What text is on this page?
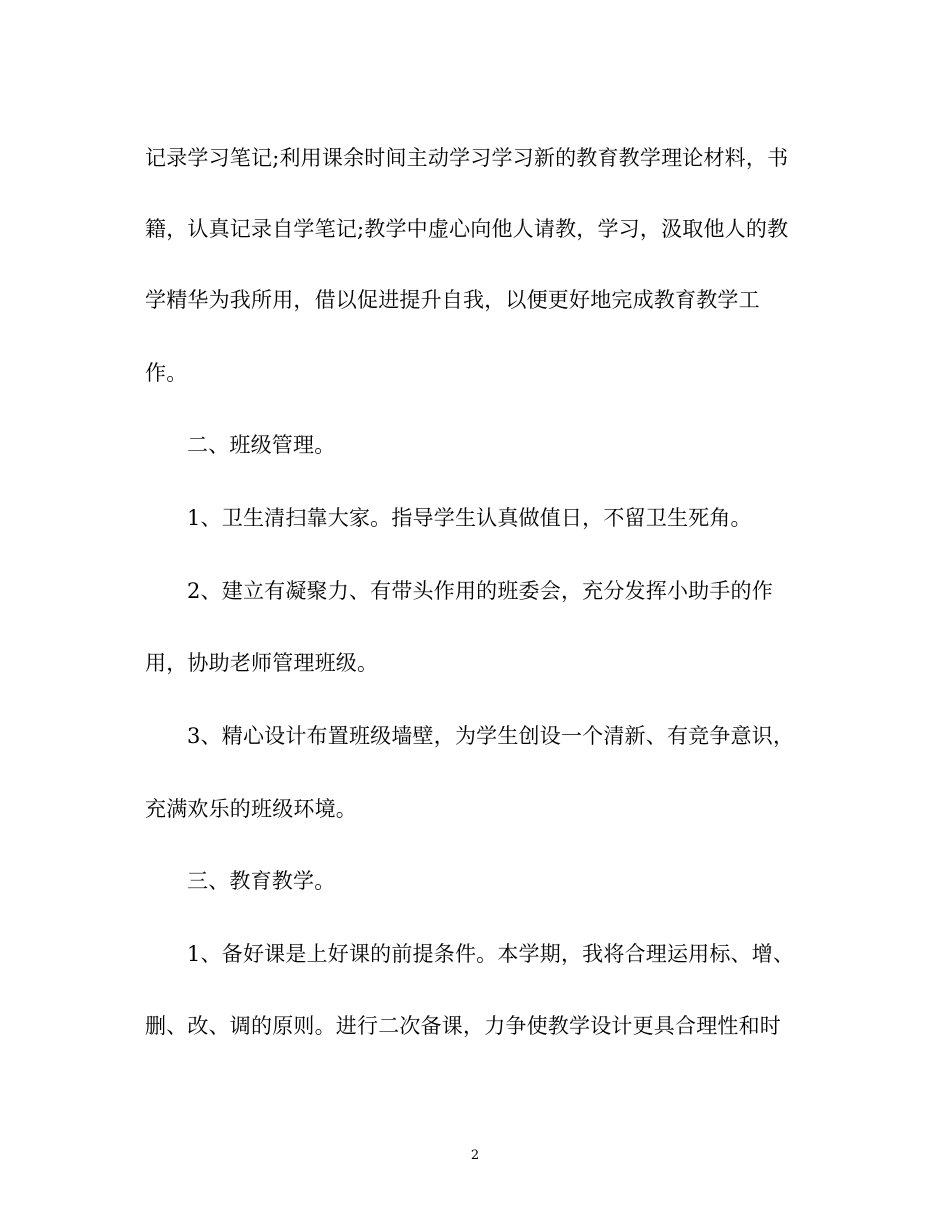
记录学习笔记;利用课余时间主动学习学习新的教育教学理论材料，书
籍，认真记录自学笔记;教学中虚心向他人请教，学习，汲取他人的教
学精华为我所用，借以促进提升自我，以便更好地完成教育教学工
作。
二、班级管理。
1、卫生清扫靠大家。指导学生认真做值日，不留卫生死角。
2、建立有凝聚力、有带头作用的班委会，充分发挥小助手的作
用，协助老师管理班级。
3、精心设计布置班级墙壁，为学生创设一个清新、有竞争意识，
充满欢乐的班级环境。
三、教育教学。
1、备好课是上好课的前提条件。本学期，我将合理运用标、增、
删、改、调的原则。进行二次备课，力争使教学设计更具合理性和时
2
